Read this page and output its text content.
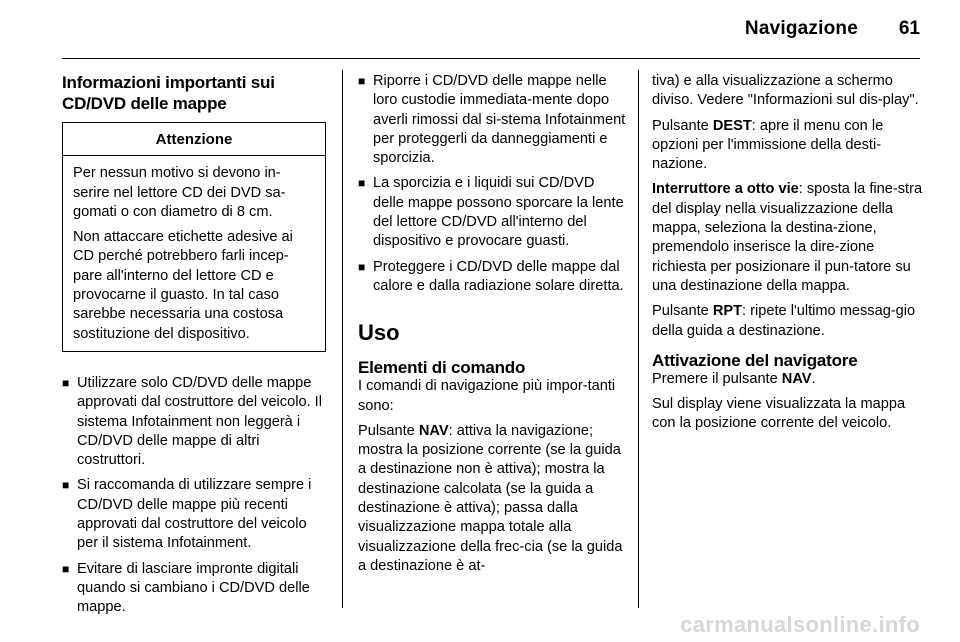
Navigazione 61
Informazioni importanti sui CD/DVD delle mappe
Attenzione

Per nessun motivo si devono in-serire nel lettore CD dei DVD sa-gomati o con diametro di 8 cm.

Non attaccare etichette adesive ai CD perché potrebbero farli incep-pare all'interno del lettore CD e provocarne il guasto. In tal caso sarebbe necessaria una costosa sostituzione del dispositivo.

■ Utilizzare solo CD/DVD delle mappe approvati dal costruttore del veicolo. Il sistema Infotainment non leggerà i CD/DVD delle mappe di altri costruttori.
■ Si raccomanda di utilizzare sempre i CD/DVD delle mappe più recenti approvati dal costruttore del veicolo per il sistema Infotainment.
■ Evitare di lasciare impronte digitali quando si cambiano i CD/DVD delle mappe.
■ Riporre i CD/DVD delle mappe nelle loro custodie immediata-mente dopo averli rimossi dal si-stema Infotainment per proteggerli da danneggiamenti e sporcizia.
■ La sporcizia e i liquidi sui CD/DVD delle mappe possono sporcare la lente del lettore CD/DVD all'interno del dispositivo e provocare guasti.
■ Proteggere i CD/DVD delle mappe dal calore e dalla radiazione solare diretta.
Uso
Elementi di comando

I comandi di navigazione più impor-tanti sono:

Pulsante NAV: attiva la navigazione; mostra la posizione corrente (se la guida a destinazione non è attiva); mostra la destinazione calcolata (se la guida a destinazione è attiva); passa dalla visualizzazione mappa totale alla visualizzazione della frec-cia (se la guida a destinazione è at-

tiva) e alla visualizzazione a schermo diviso. Vedere "Informazioni sul dis-play".

Pulsante DEST: apre il menu con le opzioni per l'immissione della desti-nazione.

Interruttore a otto vie: sposta la fine-stra del display nella visualizzazione della mappa, seleziona la destina-zione, premendolo inserisce la dire-zione richiesta per posizionare il pun-tatore su una destinazione della mappa.

Pulsante RPT: ripete l'ultimo messag-gio della guida a destinazione.

Attivazione del navigatore

Premere il pulsante NAV.

Sul display viene visualizzata la mappa con la posizione corrente del veicolo.

carmanualsonline.info
